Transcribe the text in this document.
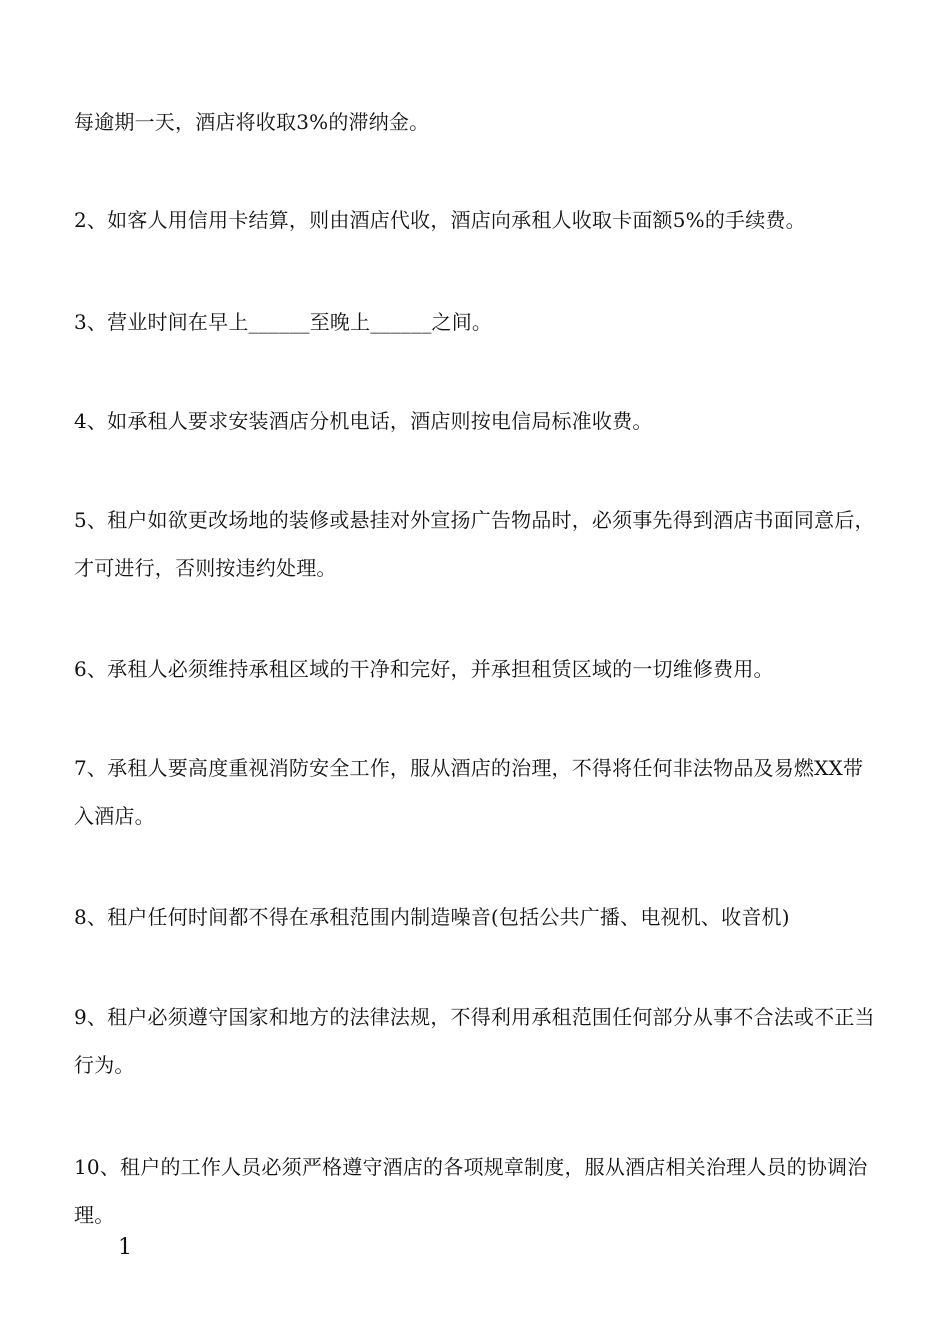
每逾期一天，酒店将收取3%的滞纳金。

2、如客人用信用卡结算，则由酒店代收，酒店向承租人收取卡面额5%的手续费。

3、营业时间在早上______至晚上______之间。

4、如承租人要求安装酒店分机电话，酒店则按电信局标准收费。

5、租户如欲更改场地的装修或悬挂对外宣扬广告物品时，必须事先得到酒店书面同意后，才可进行，否则按违约处理。

6、承租人必须维持承租区域的干净和完好，并承担租赁区域的一切维修费用。

7、承租人要高度重视消防安全工作，服从酒店的治理，不得将任何非法物品及易燃XX带入酒店。

8、租户任何时间都不得在承租范围内制造噪音(包括公共广播、电视机、收音机)

9、租户必须遵守国家和地方的法律法规，不得利用承租范围任何部分从事不合法或不正当行为。

10、租户的工作人员必须严格遵守酒店的各项规章制度，服从酒店相关治理人员的协调治理。

1
